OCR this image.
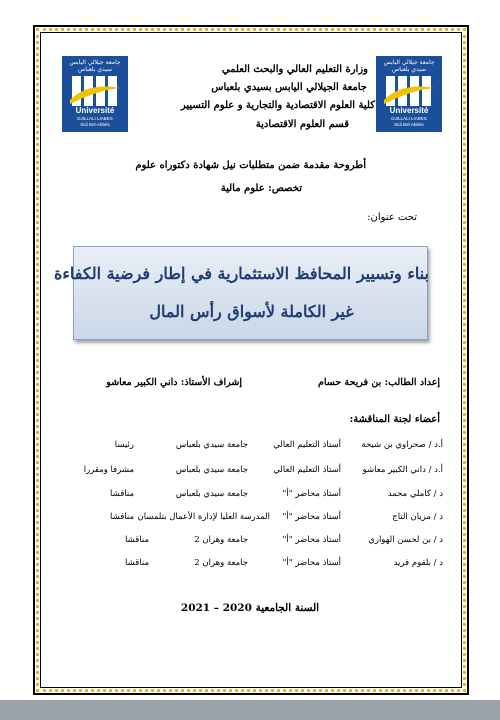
جامعة جيلالي اليابس سيدي بلعباس
Université
DJILLALI LIABES
Sidi Bel-Abbès
جامعة جيلالي اليابس سيدي بلعباس
Université
DJILLALI LIABES
Sidi Bel-Abbès
وزارة التعليم العالي والبحث العلمي
جامعة الجيلالي اليابس بسيدي بلعباس
كلية العلوم الاقتصادية والتجارية و علوم التسيير
قسم العلوم الاقتصادية
أطروحة مقدمة ضمن متطلبات نيل شهادة دكتوراه علوم
تخصص: علوم مالية
تحت عنوان:
بناء وتسيير المحافظ الاستثمارية في إطار فرضية الكفاءة
غير الكاملة لأسواق رأس المال
إعداد الطالب: بن فريحة حسام
إشراف الأستاذ: داني الكبير معاشو
أعضاء لجنة المناقشة:
أ.د / صحراوي بن شيحة
أستاذ التعليم العالي
جامعة سيدي بلعباس
رئيسا
أ.د / داني الكبير معاشو
أستاذ التعليم العالي
جامعة سيدي بلعباس
مشرفا ومقررا
د / كاملي محمد
أستاذ محاضر "أ"
جامعة سيدي بلعباس
مناقشا
د / مزيان التاج
أستاذ محاضر "أ"
المدرسة العليا لإدارة الأعمال بتلمسان
مناقشا
د / بن لحسن الهواري
أستاذ محاضر "أ"
جامعة وهران 2
مناقشا
د / بلقوم فريد
أستاذ محاضر "أ"
جامعة وهران 2
مناقشا
السنة الجامعية 2020 – 2021
